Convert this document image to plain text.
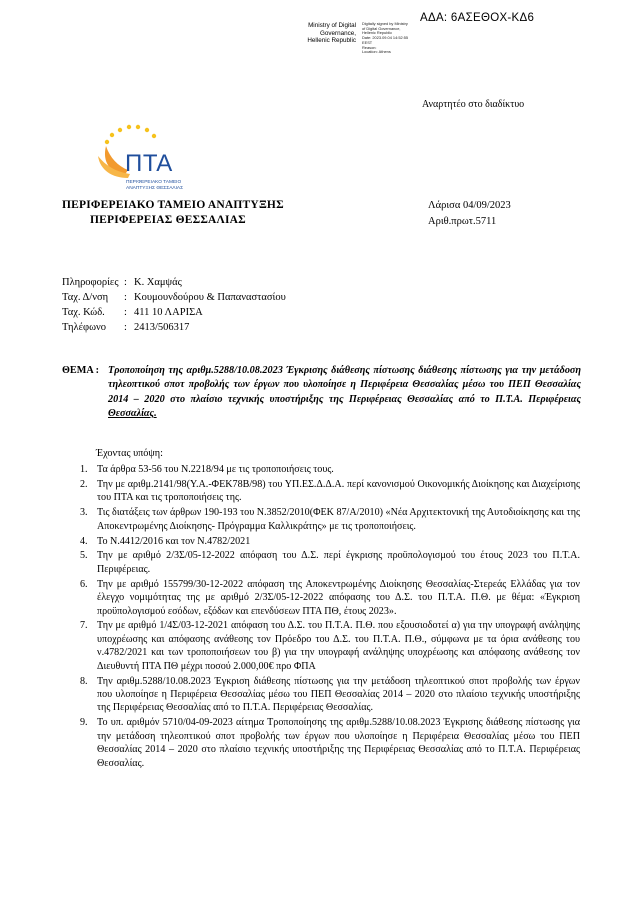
ΑΔΑ: 6ΑΣΕΘΟΧ-ΚΔ6
Ministry of Digital
Governance,
Hellenic Republic
Digitally signed by Ministry
of Digital Governance,
Hellenic Republic
Date: 2023.09.04 14:52:55
EEST
Reason:
Location: Athens
Αναρτητέο στο διαδίκτυο
ΠΤΑ
ΠΕΡΙΦΕΡΕΙΑΚΟ ΤΑΜΕΙΟ
ΑΝΑΠΤΥΞΗΣ ΘΕΣΣΑΛΙΑΣ
ΠΕΡΙΦΕΡΕΙΑΚΟ ΤΑΜΕΙΟ ΑΝΑΠΤΥΞΗΣ
ΠΕΡΙΦΕΡΕΙΑΣ ΘΕΣΣΑΛΙΑΣ
Λάρισα 04/09/2023
Αριθ.πρωτ.5711
Πληροφορίες : Κ. Χαμψάς
Ταχ. Δ/νση : Κουμουνδούρου & Παπαναστασίου
Ταχ. Κώδ. : 411 10 ΛΑΡΙΣΑ
Τηλέφωνο : 2413/506317
ΘΕΜΑ : Τροποποίηση της αριθμ.5288/10.08.2023 Έγκρισης διάθεσης πίστωσης διάθεσης πίστωσης για την μετάδοση τηλεοπτικού σποτ προβολής των έργων που υλοποίησε η Περιφέρεια Θεσσαλίας μέσω του ΠΕΠ Θεσσαλίας 2014 – 2020 στο πλαίσιο τεχνικής υποστήριξης της Περιφέρειας Θεσσαλίας από το Π.Τ.Α. Περιφέρειας Θεσσαλίας.
Έχοντας υπόψη:
1. Τα άρθρα 53-56 του Ν.2218/94 με τις τροποποιήσεις τους.
2. Την με αριθμ.2141/98(Υ.Α.-ΦΕΚ78Β/98) του ΥΠ.ΕΣ.Δ.Δ.Α. περί κανονισμού Οικονομικής Διοίκησης και Διαχείρισης του ΠΤΑ και τις τροποποιήσεις της.
3. Τις διατάξεις των άρθρων 190-193 του Ν.3852/2010(ΦΕΚ 87/Α/2010) «Νέα Αρχιτεκτονική της Αυτοδιοίκησης και της Αποκεντρωμένης Διοίκησης- Πρόγραμμα Καλλικράτης» με τις τροποποιήσεις.
4. Το Ν.4412/2016 και τον Ν.4782/2021
5. Την με αριθμό 2/3Σ/05-12-2022 απόφαση του Δ.Σ. περί έγκρισης προϋπολογισμού του έτους 2023 του Π.Τ.Α. Περιφέρειας.
6. Την με αριθμό 155799/30-12-2022 απόφαση της Αποκεντρωμένης Διοίκησης Θεσσαλίας-Στερεάς Ελλάδας για τον έλεγχο νομιμότητας της με αριθμό 2/3Σ/05-12-2022 απόφασης του Δ.Σ. του Π.Τ.Α. Π.Θ. με θέμα: «Έγκριση προϋπολογισμού εσόδων, εξόδων και επενδύσεων ΠΤΑ ΠΘ, έτους 2023».
7. Την με αριθμό 1/4Σ/03-12-2021 απόφαση του Δ.Σ. του Π.Τ.Α. Π.Θ. που εξουσιοδοτεί α) για την υπογραφή ανάληψης υποχρέωσης και απόφασης ανάθεσης τον Πρόεδρο του Δ.Σ. του Π.Τ.Α. Π.Θ., σύμφωνα με τα όρια ανάθεσης του ν.4782/2021 και των τροποποιήσεων του β) για την υπογραφή ανάληψης υποχρέωσης και απόφασης ανάθεσης τον Διευθυντή ΠΤΑ ΠΘ μέχρι ποσού 2.000,00€ προ ΦΠΑ
8. Την αριθμ.5288/10.08.2023 Έγκριση διάθεσης πίστωσης για την μετάδοση τηλεοπτικού σποτ προβολής των έργων που υλοποίησε η Περιφέρεια Θεσσαλίας μέσω του ΠΕΠ Θεσσαλίας 2014 – 2020 στο πλαίσιο τεχνικής υποστήριξης της Περιφέρειας Θεσσαλίας από το Π.Τ.Α. Περιφέρειας Θεσσαλίας.
9. Το υπ. αριθμόν 5710/04-09-2023 αίτημα Τροποποίησης της αριθμ.5288/10.08.2023 Έγκρισης διάθεσης πίστωσης για την μετάδοση τηλεοπτικού σποτ προβολής των έργων που υλοποίησε η Περιφέρεια Θεσσαλίας μέσω του ΠΕΠ Θεσσαλίας 2014 – 2020 στο πλαίσιο τεχνικής υποστήριξης της Περιφέρειας Θεσσαλίας από το Π.Τ.Α. Περιφέρειας Θεσσαλίας.
